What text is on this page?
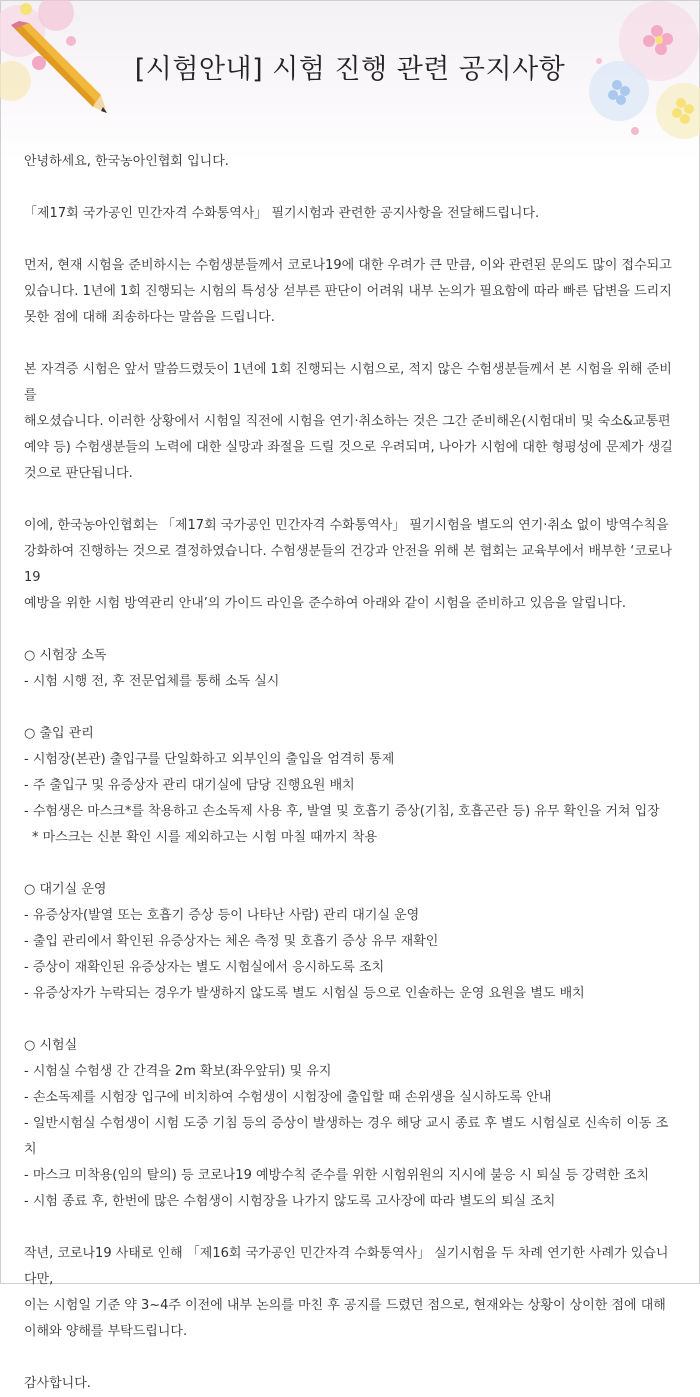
[시험안내] 시험 진행 관련 공지사항

안녕하세요, 한국농아인협회 입니다.

「제17회 국가공인 민간자격 수화통역사」 필기시험과 관련한 공지사항을 전달해드립니다.

먼저, 현재 시험을 준비하시는 수험생분들께서 코로나19에 대한 우려가 큰 만큼, 이와 관련된 문의도 많이 접수되고

있습니다. 1년에 1회 진행되는 시험의 특성상 섣부른 판단이 어려워 내부 논의가 필요함에 따라 빠른 답변을 드리지

못한 점에 대해 죄송하다는 말씀을 드립니다.

본 자격증 시험은 앞서 말씀드렸듯이 1년에 1회 진행되는 시험으로, 적지 않은 수험생분들께서 본 시험을 위해 준비를

해오셨습니다. 이러한 상황에서 시험일 직전에 시험을 연기·취소하는 것은 그간 준비해온(시험대비 및 숙소&교통편

예약 등) 수험생분들의 노력에 대한 실망과 좌절을 드릴 것으로 우려되며, 나아가 시험에 대한 형평성에 문제가 생길

것으로 판단됩니다.

이에, 한국농아인협회는 「제17회 국가공인 민간자격 수화통역사」 필기시험을 별도의 연기·취소 없이 방역수칙을

강화하여 진행하는 것으로 결정하였습니다. 수험생분들의 건강과 안전을 위해 본 협회는 교육부에서 배부한 ‘코로나19

예방을 위한 시험 방역관리 안내’의 가이드 라인을 준수하여 아래와 같이 시험을 준비하고 있음을 알립니다.

○ 시험장 소독

- 시험 시행 전, 후 전문업체를 통해 소독 실시

○ 출입 관리

- 시험장(본관) 출입구를 단일화하고 외부인의 출입을 엄격히 통제

- 주 출입구 및 유증상자 관리 대기실에 담당 진행요원 배치

- 수험생은 마스크*를 착용하고 손소독제 사용 후, 발열 및 호흡기 증상(기침, 호흡곤란 등) 유무 확인을 거쳐 입장

* 마스크는 신분 확인 시를 제외하고는 시험 마칠 때까지 착용

○ 대기실 운영

- 유증상자(발열 또는 호흡기 증상 등이 나타난 사람) 관리 대기실 운영

- 출입 관리에서 확인된 유증상자는 체온 측정 및 호흡기 증상 유무 재확인

- 증상이 재확인된 유증상자는 별도 시험실에서 응시하도록 조치

- 유증상자가 누락되는 경우가 발생하지 않도록 별도 시험실 등으로 인솔하는 운영 요원을 별도 배치

○ 시험실

- 시험실 수험생 간 간격을 2m 확보(좌우앞뒤) 및 유지

- 손소독제를 시험장 입구에 비치하여 수험생이 시험장에 출입할 때 손위생을 실시하도록 안내

- 일반시험실 수험생이 시험 도중 기침 등의 증상이 발생하는 경우 해당 교시 종료 후 별도 시험실로 신속히 이동 조치

- 마스크 미착용(임의 탈의) 등 코로나19 예방수칙 준수를 위한 시험위원의 지시에 불응 시 퇴실 등 강력한 조치

- 시험 종료 후, 한번에 많은 수험생이 시험장을 나가지 않도록 고사장에 따라 별도의 퇴실 조치

작년, 코로나19 사태로 인해 「제16회 국가공인 민간자격 수화통역사」 실기시험을 두 차례 연기한 사례가 있습니다만,

이는 시험일 기준 약 3~4주 이전에 내부 논의를 마친 후 공지를 드렸던 점으로, 현재와는 상황이 상이한 점에 대해

이해와 양해를 부탁드립니다.

감사합니다.
